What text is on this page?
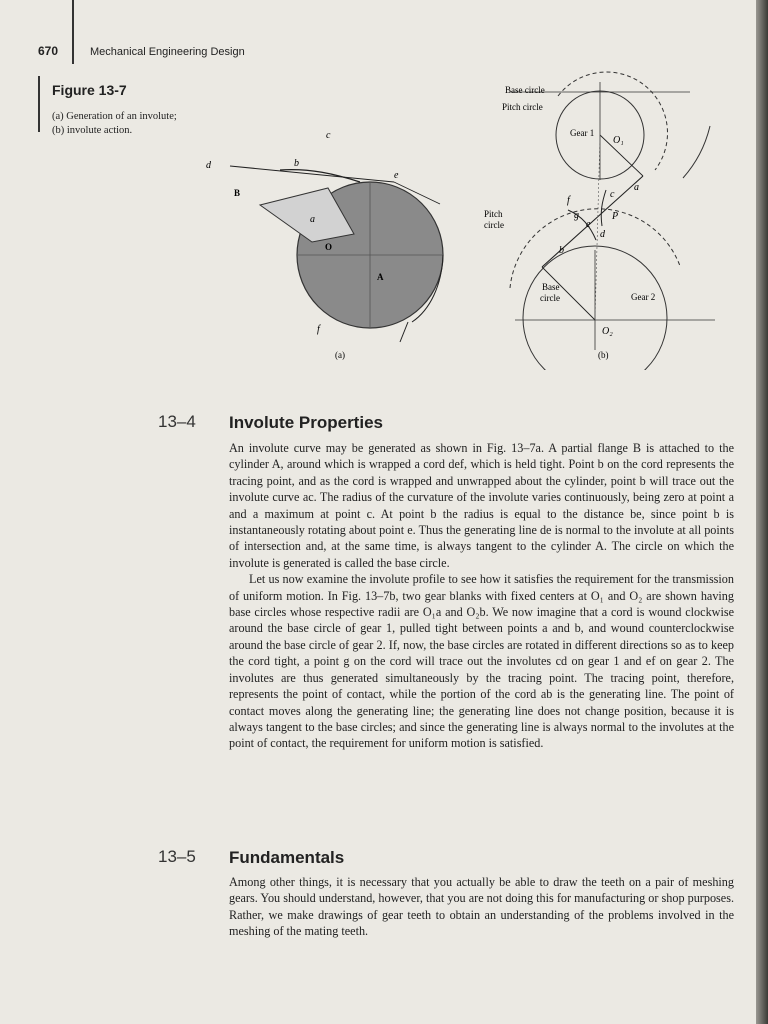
670	Mechanical Engineering Design
Figure 13-7
(a) Generation of an involute;
(b) involute action.
d	b
c
B
e
a
O
A
f
(a)
Base circle
Pitch circle
Gear 1
O₁
a
c
f
Pitch
circle
g	P
e
d
b
Base
circle	Gear 2
O₂
(b)
13–4 Involute Properties

An involute curve may be generated as shown in Fig. 13–7a. A partial flange B is attached to the cylinder A, around which is wrapped a cord def, which is held tight. Point b on the cord represents the tracing point, and as the cord is wrapped and unwrapped about the cylinder, point b will trace out the involute curve ac. The radius of the curvature of the involute varies continuously, being zero at point a and a maximum at point c. At point b the radius is equal to the distance be, since point b is instantaneously rotating about point e. Thus the generating line de is normal to the involute at all points of intersection and, at the same time, is always tangent to the cylinder A. The circle on which the involute is generated is called the base circle.

Let us now examine the involute profile to see how it satisfies the requirement for the transmission of uniform motion. In Fig. 13–7b, two gear blanks with fixed centers at O₁ and O₂ are shown having base circles whose respective radii are O₁a and O₂b. We now imagine that a cord is wound clockwise around the base circle of gear 1, pulled tight between points a and b, and wound counterclockwise around the base circle of gear 2. If, now, the base circles are rotated in different directions so as to keep the cord tight, a point g on the cord will trace out the involutes cd on gear 1 and ef on gear 2. The involutes are thus generated simultaneously by the tracing point. The tracing point, therefore, represents the point of contact, while the portion of the cord ab is the generating line. The point of contact moves along the generating line; the generating line does not change position, because it is always tangent to the base circles; and since the generating line is always normal to the involutes at the point of contact, the requirement for uniform motion is satisfied.

13–5 Fundamentals

Among other things, it is necessary that you actually be able to draw the teeth on a pair of meshing gears. You should understand, however, that you are not doing this for manufacturing or shop purposes. Rather, we make drawings of gear teeth to obtain an understanding of the problems involved in the meshing of the mating teeth.
